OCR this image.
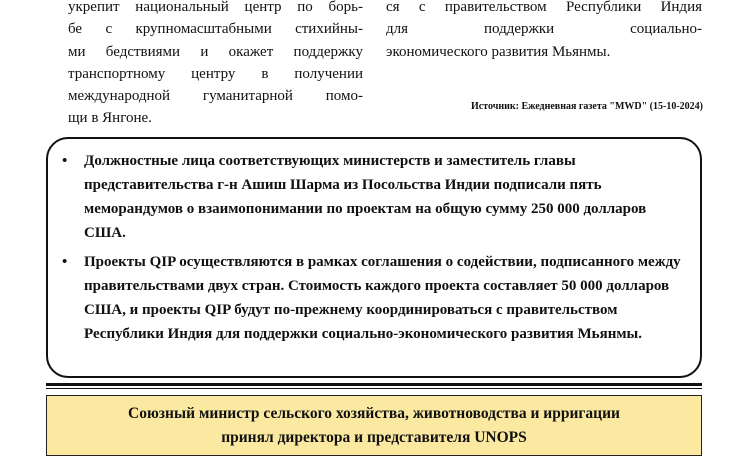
укрепит национальный центр по борь-
бе с крупномасштабными стихийны-
ми бедствиями и окажет поддержку
транспортному центру в получении
международной гуманитарной помо-
щи в Янгоне.
ся с правительством Республики Индия
для поддержки социально-
экономического развития Мьянмы.

Источник: Ежедневная газета "MWD" (15-10-2024)

• Должностные лица соответствующих министерств и заместитель главы представительства г-н Ашиш Шарма из Посольства Индии подписали пять меморандумов о взаимопонимании по проектам на общую сумму 250 000 долларов США.
• Проекты QIP осуществляются в рамках соглашения о содействии, подписанного между правительствами двух стран. Стоимость каждого проекта составляет 50 000 долларов США, и проекты QIP будут по-прежнему координироваться с правительством Республики Индия для поддержки социально-экономического развития Мьянмы.
Союзный министр сельского хозяйства, животноводства и ирригации
принял директора и представителя UNOPS
